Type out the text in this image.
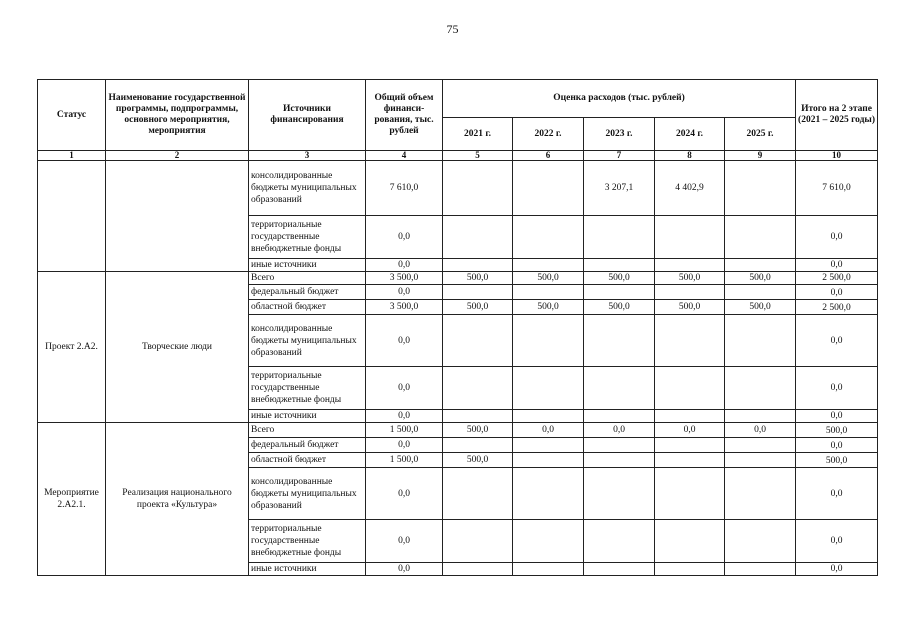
75
Статус	Наименование государственной программы, подпрограммы, основного мероприятия, мероприятия	Источники финансирования	Общий объем финанси-рования, тыс. рублей	Оценка расходов (тыс. рублей)					Итого на 2 этапе (2021 – 2025 годы)
				2021 г.	2022 г.	2023 г.	2024 г.	2025 г.	
1	2	3	4	5	6	7	8	9	10
		консолидированные бюджеты муниципальных образований	7 610,0			3 207,1	4 402,9		7 610,0
		территориальные государственные внебюджетные фонды	0,0						0,0
		иные источники	0,0						0,0
Проект 2.А2.	Творческие люди	Всего	3 500,0	500,0	500,0	500,0	500,0	500,0	2 500,0
		федеральный бюджет	0,0						0,0
		областной бюджет	3 500,0	500,0	500,0	500,0	500,0	500,0	2 500,0
		консолидированные бюджеты муниципальных образований	0,0						0,0
		территориальные государственные внебюджетные фонды	0,0						0,0
		иные источники	0,0						0,0
Мероприятие 2.А2.1.	Реализация национального проекта «Культура»	Всего	1 500,0	500,0	0,0	0,0	0,0	0,0	500,0
		федеральный бюджет	0,0						0,0
		областной бюджет	1 500,0	500,0					500,0
		консолидированные бюджеты муниципальных образований	0,0						0,0
		территориальные государственные внебюджетные фонды	0,0						0,0
		иные источники	0,0						0,0
